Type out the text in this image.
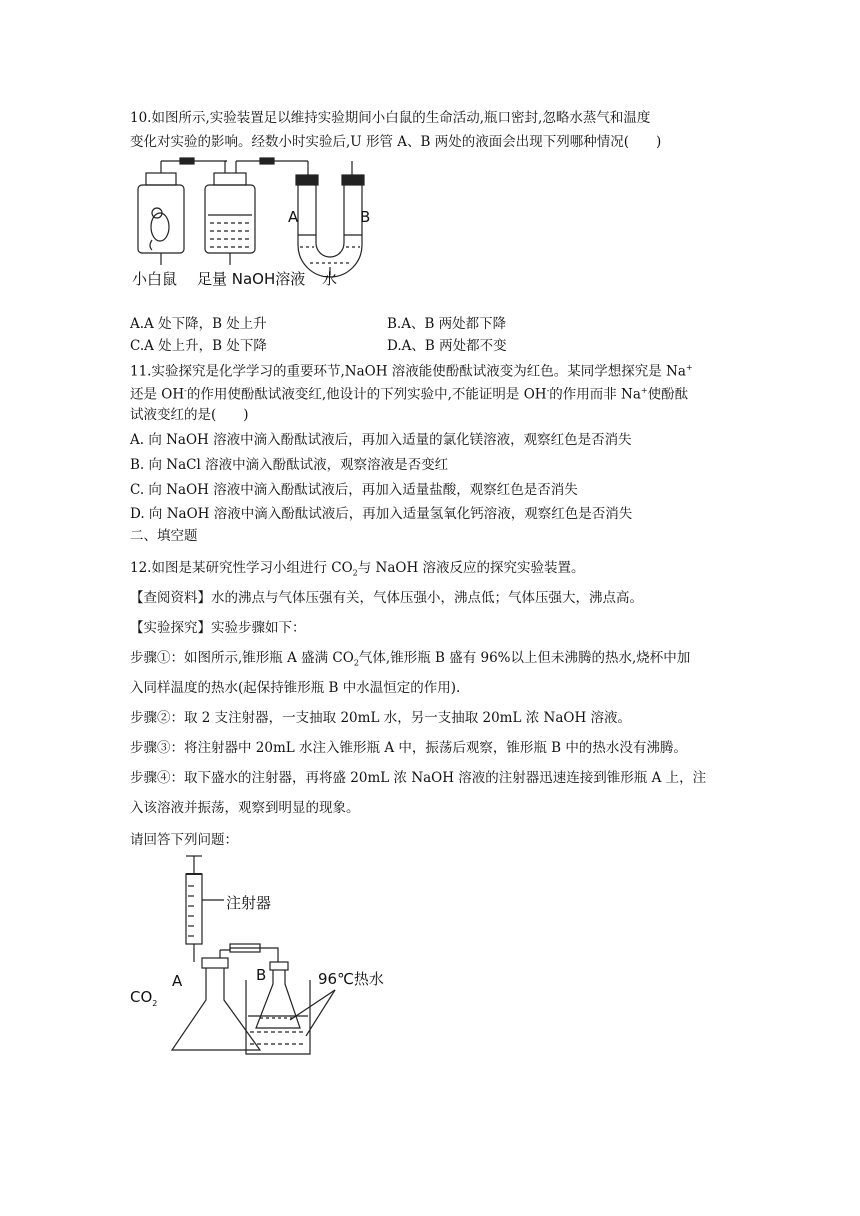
10.如图所示,实验装置足以维持实验期间小白鼠的生命活动,瓶口密封,忽略水蒸气和温度
变化对实验的影响。经数小时实验后,U 形管 A、B 两处的液面会出现下列哪种情况(　　)
A	B
小白鼠 足量 NaOH溶液 水
A.A 处下降，B 处上升	B.A、B 两处都下降
C.A 处上升，B 处下降	D.A、B 两处都不变
11.实验探究是化学学习的重要环节,NaOH 溶液能使酚酞试液变为红色。某同学想探究是 Na+
还是 OH-的作用使酚酞试液变红,他设计的下列实验中,不能证明是 OH-的作用而非 Na+使酚酞
试液变红的是(　　)
A. 向 NaOH 溶液中滴入酚酞试液后，再加入适量的氯化镁溶液，观察红色是否消失
B. 向 NaCl 溶液中滴入酚酞试液，观察溶液是否变红
C. 向 NaOH 溶液中滴入酚酞试液后，再加入适量盐酸，观察红色是否消失
D. 向 NaOH 溶液中滴入酚酞试液后，再加入适量氢氧化钙溶液，观察红色是否消失
二、填空题
12.如图是某研究性学习小组进行 $CO_2$与 NaOH 溶液反应的探究实验装置。
【查阅资料】水的沸点与气体压强有关，气体压强小，沸点低；气体压强大，沸点高。
【实验探究】实验步骤如下：
步骤①：如图所示,锥形瓶 A 盛满 $CO_2$气体,锥形瓶 B 盛有 96%以上但未沸腾的热水,烧杯中加
入同样温度的热水(起保持锥形瓶 B 中水温恒定的作用).
步骤②：取 2 支注射器，一支抽取 20mL 水，另一支抽取 20mL 浓 NaOH 溶液。
步骤③：将注射器中 20mL 水注入锥形瓶 A 中，振荡后观察，锥形瓶 B 中的热水没有沸腾。
步骤④：取下盛水的注射器，再将盛 20mL 浓 NaOH 溶液的注射器迅速连接到锥形瓶 A 上，注
入该溶液并振荡，观察到明显的现象。
请回答下列问题：
注射器
A	B	96℃热水
$CO_2$
